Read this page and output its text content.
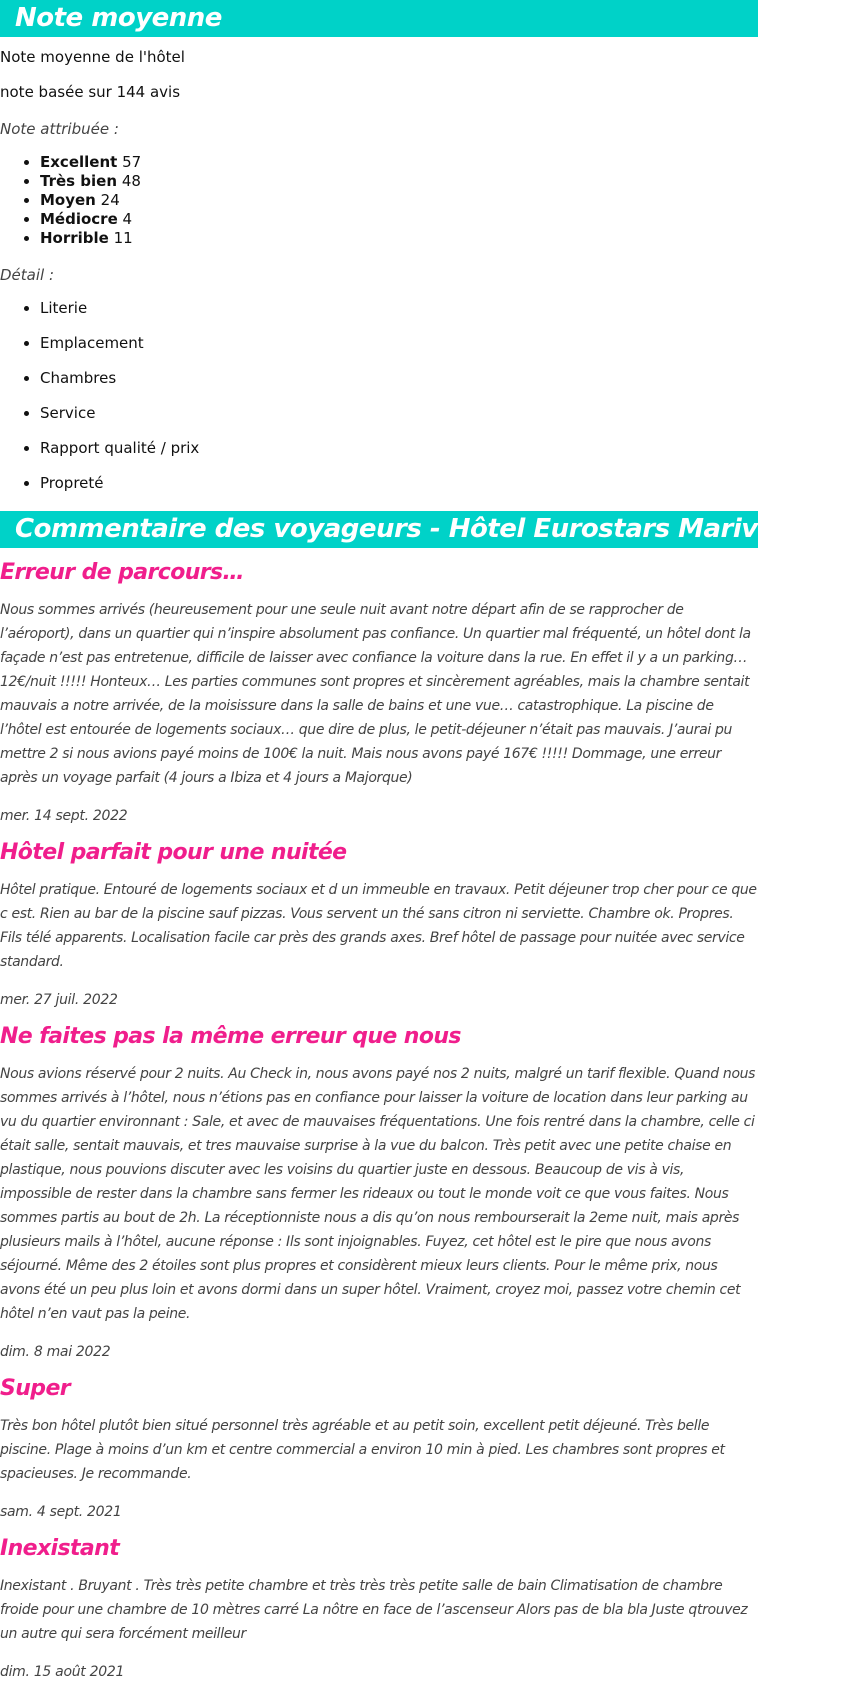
Note moyenne

Note moyenne de l'hôtel

note basée sur 144 avis

Note attribuée :
• Excellent 57
• Très bien 48
• Moyen 24
• Médiocre 4
• Horrible 11
Détail :
• Literie
• Emplacement
• Chambres
• Service
• Rapport qualité / prix
• Propreté
Commentaire des voyageurs - Hôtel Eurostars Marivent 4*
Erreur de parcours…

Nous sommes arrivés (heureusement pour une seule nuit avant notre départ afin de se rapprocher de l’aéroport), dans un quartier qui n’inspire absolument pas confiance. Un quartier mal fréquenté, un hôtel dont la façade n’est pas entretenue, difficile de laisser avec confiance la voiture dans la rue. En effet il y a un parking… 12€/nuit !!!!! Honteux… Les parties communes sont propres et sincèrement agréables, mais la chambre sentait mauvais a notre arrivée, de la moisissure dans la salle de bains et une vue… catastrophique. La piscine de l’hôtel est entourée de logements sociaux… que dire de plus, le petit-déjeuner n’était pas mauvais. J’aurai pu mettre 2 si nous avions payé moins de 100€ la nuit. Mais nous avons payé 167€ !!!!! Dommage, une erreur après un voyage parfait (4 jours a Ibiza et 4 jours a Majorque)

mer. 14 sept. 2022

Hôtel parfait pour une nuitée

Hôtel pratique. Entouré de logements sociaux et d un immeuble en travaux. Petit déjeuner trop cher pour ce que c est. Rien au bar de la piscine sauf pizzas. Vous servent un thé sans citron ni serviette. Chambre ok. Propres. Fils télé apparents. Localisation facile car près des grands axes. Bref hôtel de passage pour nuitée avec service standard.

mer. 27 juil. 2022

Ne faites pas la même erreur que nous

Nous avions réservé pour 2 nuits. Au Check in, nous avons payé nos 2 nuits, malgré un tarif flexible. Quand nous sommes arrivés à l’hôtel, nous n’étions pas en confiance pour laisser la voiture de location dans leur parking au vu du quartier environnant : Sale, et avec de mauvaises fréquentations. Une fois rentré dans la chambre, celle ci était salle, sentait mauvais, et tres mauvaise surprise à la vue du balcon. Très petit avec une petite chaise en plastique, nous pouvions discuter avec les voisins du quartier juste en dessous. Beaucoup de vis à vis, impossible de rester dans la chambre sans fermer les rideaux ou tout le monde voit ce que vous faites. Nous sommes partis au bout de 2h. La réceptionniste nous a dis qu’on nous rembourserait la 2eme nuit, mais après plusieurs mails à l’hôtel, aucune réponse : Ils sont injoignables. Fuyez, cet hôtel est le pire que nous avons séjourné. Même des 2 étoiles sont plus propres et considèrent mieux leurs clients. Pour le même prix, nous avons été un peu plus loin et avons dormi dans un super hôtel. Vraiment, croyez moi, passez votre chemin cet hôtel n’en vaut pas la peine.

dim. 8 mai 2022

Super

Très bon hôtel plutôt bien situé personnel très agréable et au petit soin, excellent petit déjeuné. Très belle piscine. Plage à moins d’un km et centre commercial a environ 10 min à pied. Les chambres sont propres et spacieuses. Je recommande.

sam. 4 sept. 2021

Inexistant

Inexistant . Bruyant . Très très petite chambre et très très très petite salle de bain Climatisation de chambre froide pour une chambre de 10 mètres carré La nôtre en face de l’ascenseur Alors pas de bla bla Juste qtrouvez un autre qui sera forcément meilleur

dim. 15 août 2021
